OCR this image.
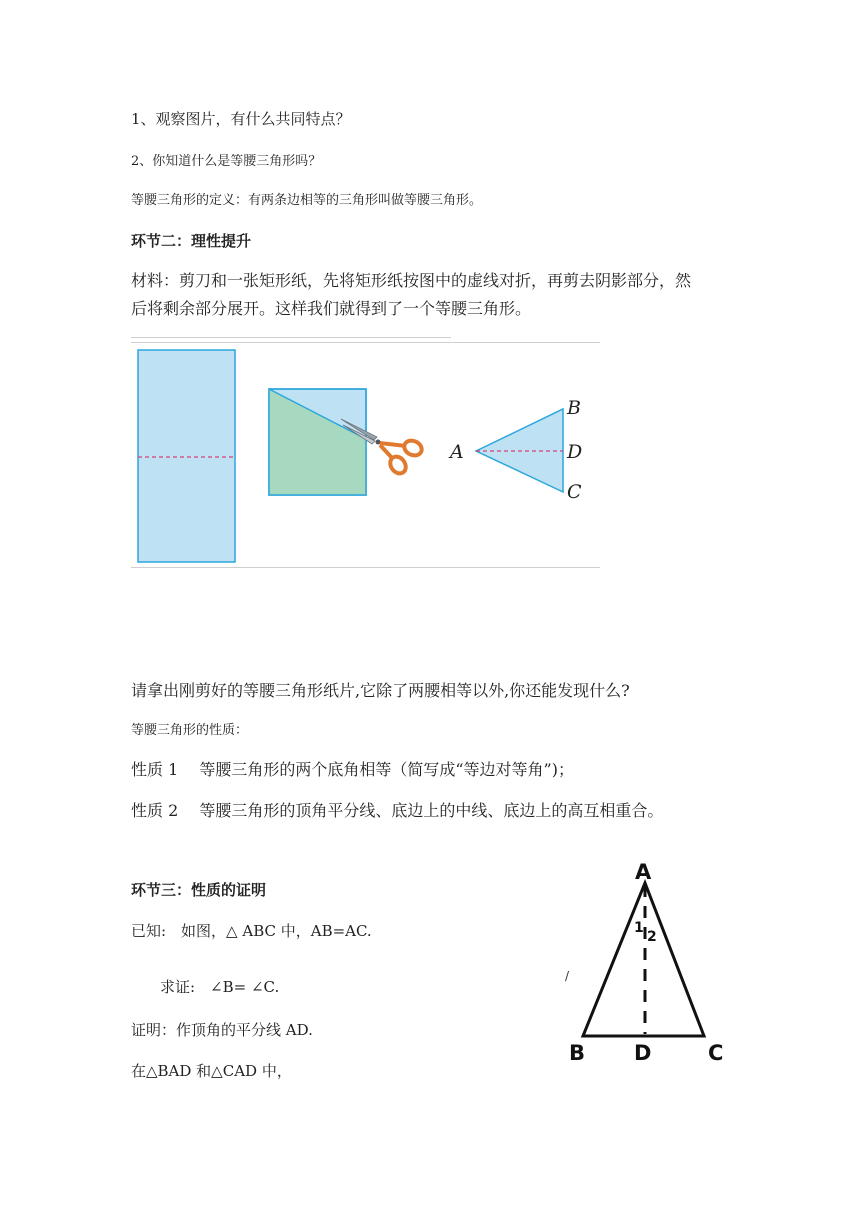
1、观察图片，有什么共同特点？
2、你知道什么是等腰三角形吗？
等腰三角形的定义：有两条边相等的三角形叫做等腰三角形。
环节二：理性提升
材料：剪刀和一张矩形纸，先将矩形纸按图中的虚线对折，再剪去阴影部分，然
后将剩余部分展开。这样我们就得到了一个等腰三角形。
A
B
D
C
请拿出刚剪好的等腰三角形纸片,它除了两腰相等以外,你还能发现什么?
等腰三角形的性质：
性质 1　 等腰三角形的两个底角相等（简写成“等边对等角”)；
性质 2　 等腰三角形的顶角平分线、底边上的中线、底边上的高互相重合。
环节三：性质的证明
已知:　如图，△ ABC 中，AB=AC.
求证:　∠B= ∠C.
证明：作顶角的平分线 AD.
在△BAD 和△CAD 中，
A
B D	C
1
2
/
